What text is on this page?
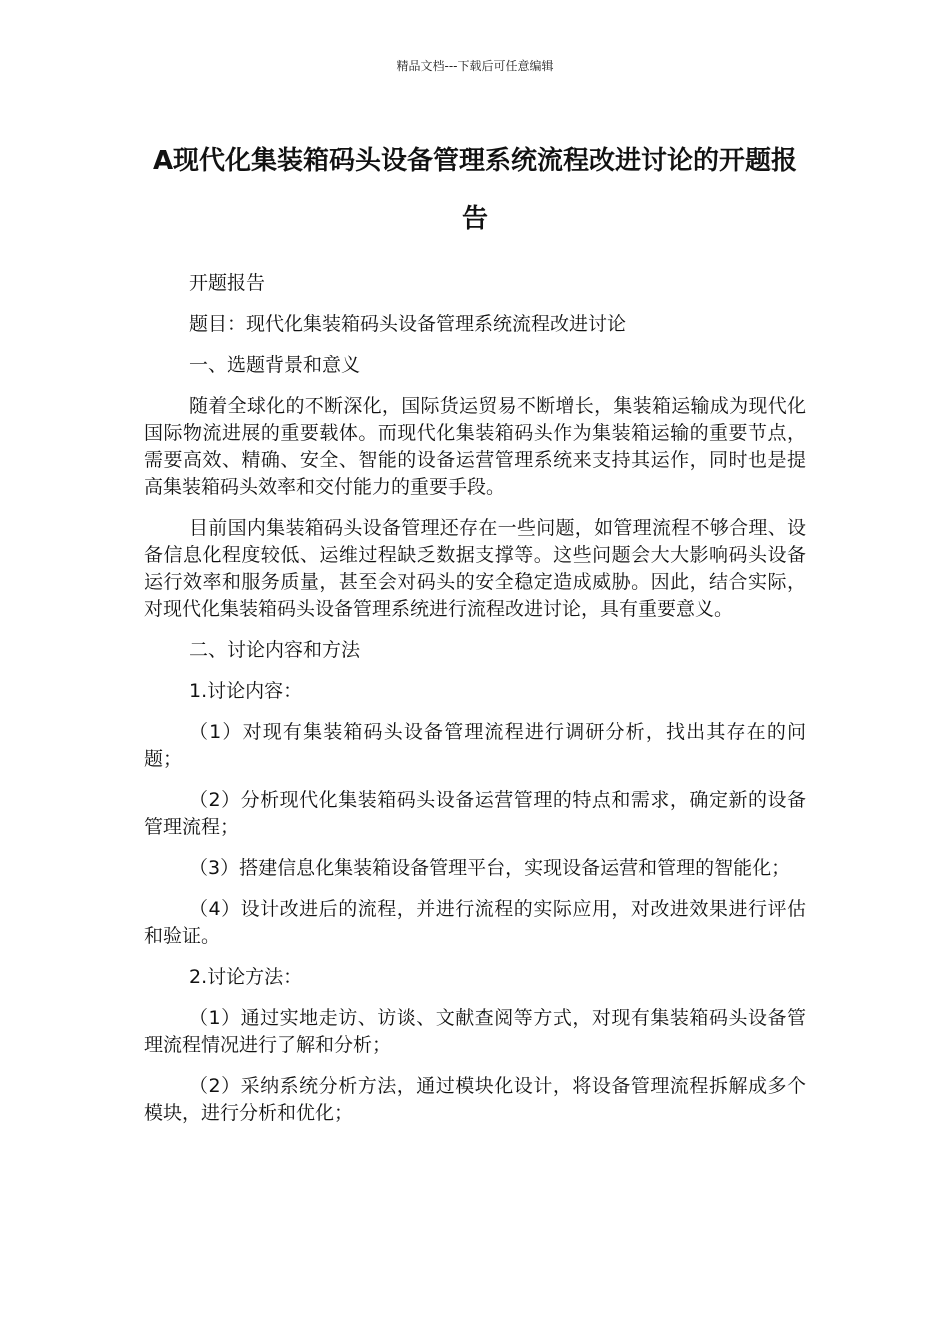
精品文档---下载后可任意编辑
A现代化集装箱码头设备管理系统流程改进讨论的开题报告

开题报告

题目：现代化集装箱码头设备管理系统流程改进讨论

一、选题背景和意义

随着全球化的不断深化，国际货运贸易不断增长，集装箱运输成为现代化国际物流进展的重要载体。而现代化集装箱码头作为集装箱运输的重要节点，需要高效、精确、安全、智能的设备运营管理系统来支持其运作，同时也是提高集装箱码头效率和交付能力的重要手段。

目前国内集装箱码头设备管理还存在一些问题，如管理流程不够合理、设备信息化程度较低、运维过程缺乏数据支撑等。这些问题会大大影响码头设备运行效率和服务质量，甚至会对码头的安全稳定造成威胁。因此，结合实际，对现代化集装箱码头设备管理系统进行流程改进讨论，具有重要意义。

二、讨论内容和方法

1.讨论内容：

（1）对现有集装箱码头设备管理流程进行调研分析，找出其存在的问题；

（2）分析现代化集装箱码头设备运营管理的特点和需求，确定新的设备管理流程；

（3）搭建信息化集装箱设备管理平台，实现设备运营和管理的智能化；

（4）设计改进后的流程，并进行流程的实际应用，对改进效果进行评估和验证。

2.讨论方法：

（1）通过实地走访、访谈、文献查阅等方式，对现有集装箱码头设备管理流程情况进行了解和分析；

（2）采纳系统分析方法，通过模块化设计，将设备管理流程拆解成多个模块，进行分析和优化；
